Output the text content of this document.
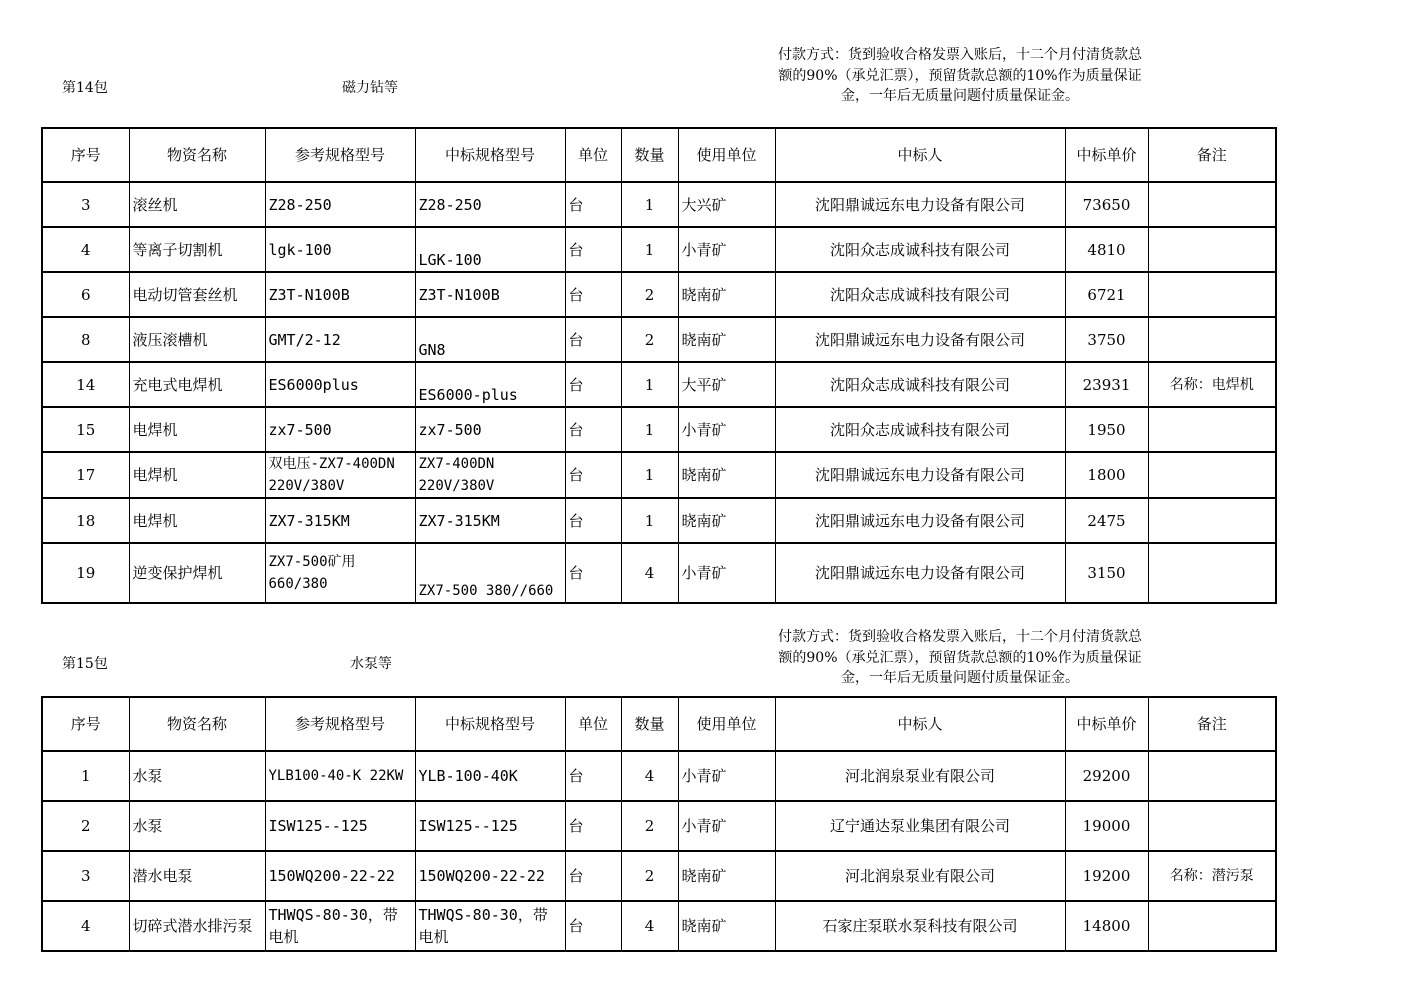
第14包	磁力钻等
付款方式：货到验收合格发票入账后，十二个月付清货款总额的90%（承兑汇票），预留货款总额的10%作为质量保证金，一年后无质量问题付质量保证金。
序号	物资名称	参考规格型号	中标规格型号	单位	数量	使用单位	中标人	中标单价	备注
3	滚丝机	Z28-250	Z28-250	台	1	大兴矿	沈阳鼎诚远东电力设备有限公司	73650	
4	等离子切割机	lgk-100	LGK-100	台	1	小青矿	沈阳众志成诚科技有限公司	4810	
6	电动切管套丝机	Z3T-N100B	Z3T-N100B	台	2	晓南矿	沈阳众志成诚科技有限公司	6721	
8	液压滚槽机	GMT/2-12	GN8	台	2	晓南矿	沈阳鼎诚远东电力设备有限公司	3750	
14	充电式电焊机	ES6000plus	ES6000-plus	台	1	大平矿	沈阳众志成诚科技有限公司	23931	名称：电焊机
15	电焊机	zx7-500	zx7-500	台	1	小青矿	沈阳众志成诚科技有限公司	1950	
17	电焊机	双电压-ZX7-400DN 220V/380V	ZX7-400DN 220V/380V	台	1	晓南矿	沈阳鼎诚远东电力设备有限公司	1800	
18	电焊机	ZX7-315KM	ZX7-315KM	台	1	晓南矿	沈阳鼎诚远东电力设备有限公司	2475	
19	逆变保护焊机	ZX7-500矿用 660/380	ZX7-500 380//660	台	4	小青矿	沈阳鼎诚远东电力设备有限公司	3150	
第15包	水泵等
付款方式：货到验收合格发票入账后，十二个月付清货款总额的90%（承兑汇票），预留货款总额的10%作为质量保证金，一年后无质量问题付质量保证金。
序号	物资名称	参考规格型号	中标规格型号	单位	数量	使用单位	中标人	中标单价	备注
1	水泵	YLB100-40-K 22KW	YLB-100-40K	台	4	小青矿	河北润泉泵业有限公司	29200	
2	水泵	ISW125--125	ISW125--125	台	2	小青矿	辽宁通达泵业集团有限公司	19000	
3	潜水电泵	150WQ200-22-22	150WQ200-22-22	台	2	晓南矿	河北润泉泵业有限公司	19200	名称：潜污泵
4	切碎式潜水排污泵	THWQS-80-30，带电机	THWQS-80-30，带电机	台	4	晓南矿	石家庄泵联水泵科技有限公司	14800	
